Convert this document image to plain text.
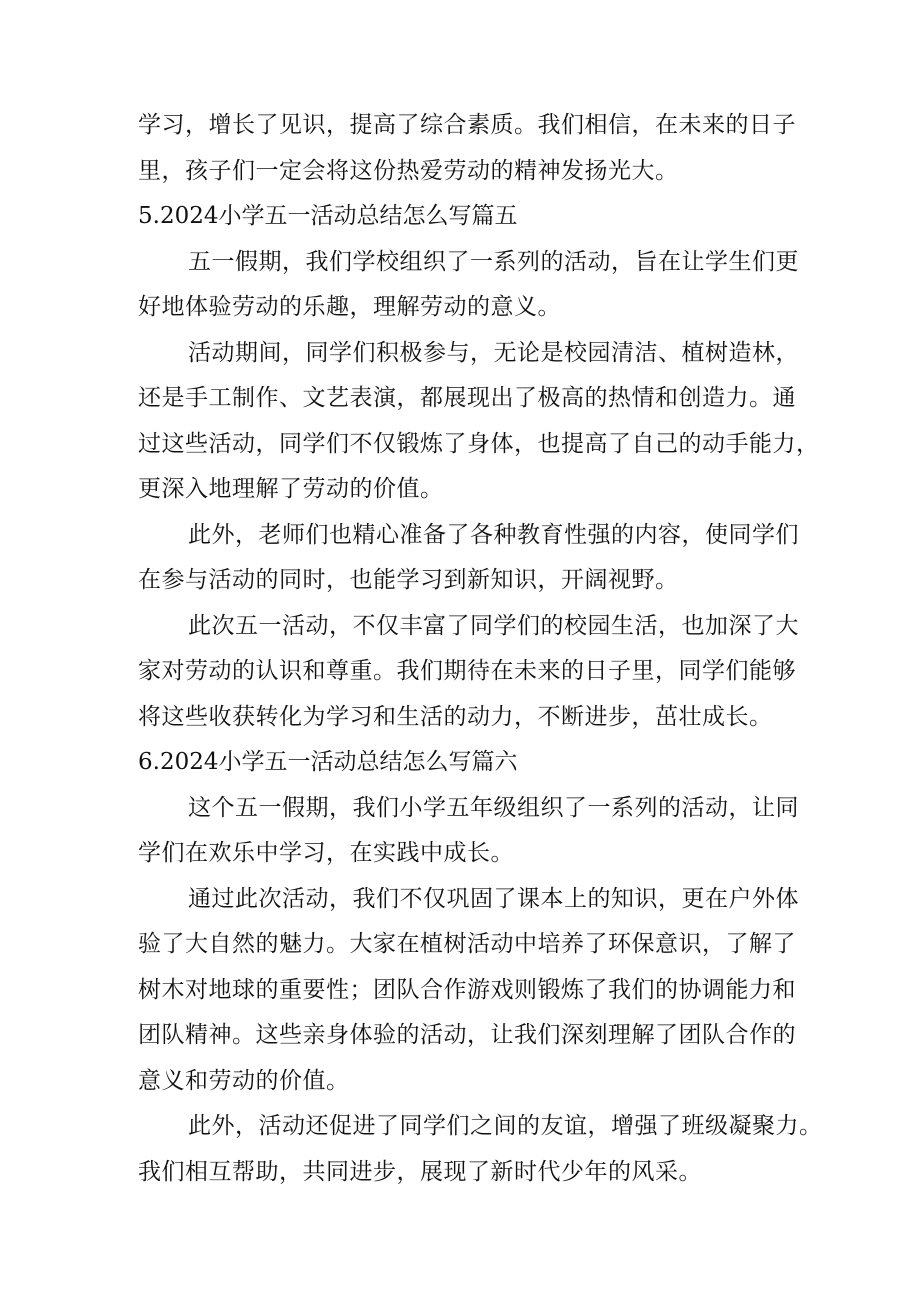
学习，增长了见识，提高了综合素质。我们相信，在未来的日子
里，孩子们一定会将这份热爱劳动的精神发扬光大。
5.2024小学五一活动总结怎么写篇五
五一假期，我们学校组织了一系列的活动，旨在让学生们更
好地体验劳动的乐趣，理解劳动的意义。
活动期间，同学们积极参与，无论是校园清洁、植树造林，
还是手工制作、文艺表演，都展现出了极高的热情和创造力。通
过这些活动，同学们不仅锻炼了身体，也提高了自己的动手能力，
更深入地理解了劳动的价值。
此外，老师们也精心准备了各种教育性强的内容，使同学们
在参与活动的同时，也能学习到新知识，开阔视野。
此次五一活动，不仅丰富了同学们的校园生活，也加深了大
家对劳动的认识和尊重。我们期待在未来的日子里，同学们能够
将这些收获转化为学习和生活的动力，不断进步，茁壮成长。
6.2024小学五一活动总结怎么写篇六
这个五一假期，我们小学五年级组织了一系列的活动，让同
学们在欢乐中学习，在实践中成长。
通过此次活动，我们不仅巩固了课本上的知识，更在户外体
验了大自然的魅力。大家在植树活动中培养了环保意识，了解了
树木对地球的重要性；团队合作游戏则锻炼了我们的协调能力和
团队精神。这些亲身体验的活动，让我们深刻理解了团队合作的
意义和劳动的价值。
此外，活动还促进了同学们之间的友谊，增强了班级凝聚力。
我们相互帮助，共同进步，展现了新时代少年的风采。
